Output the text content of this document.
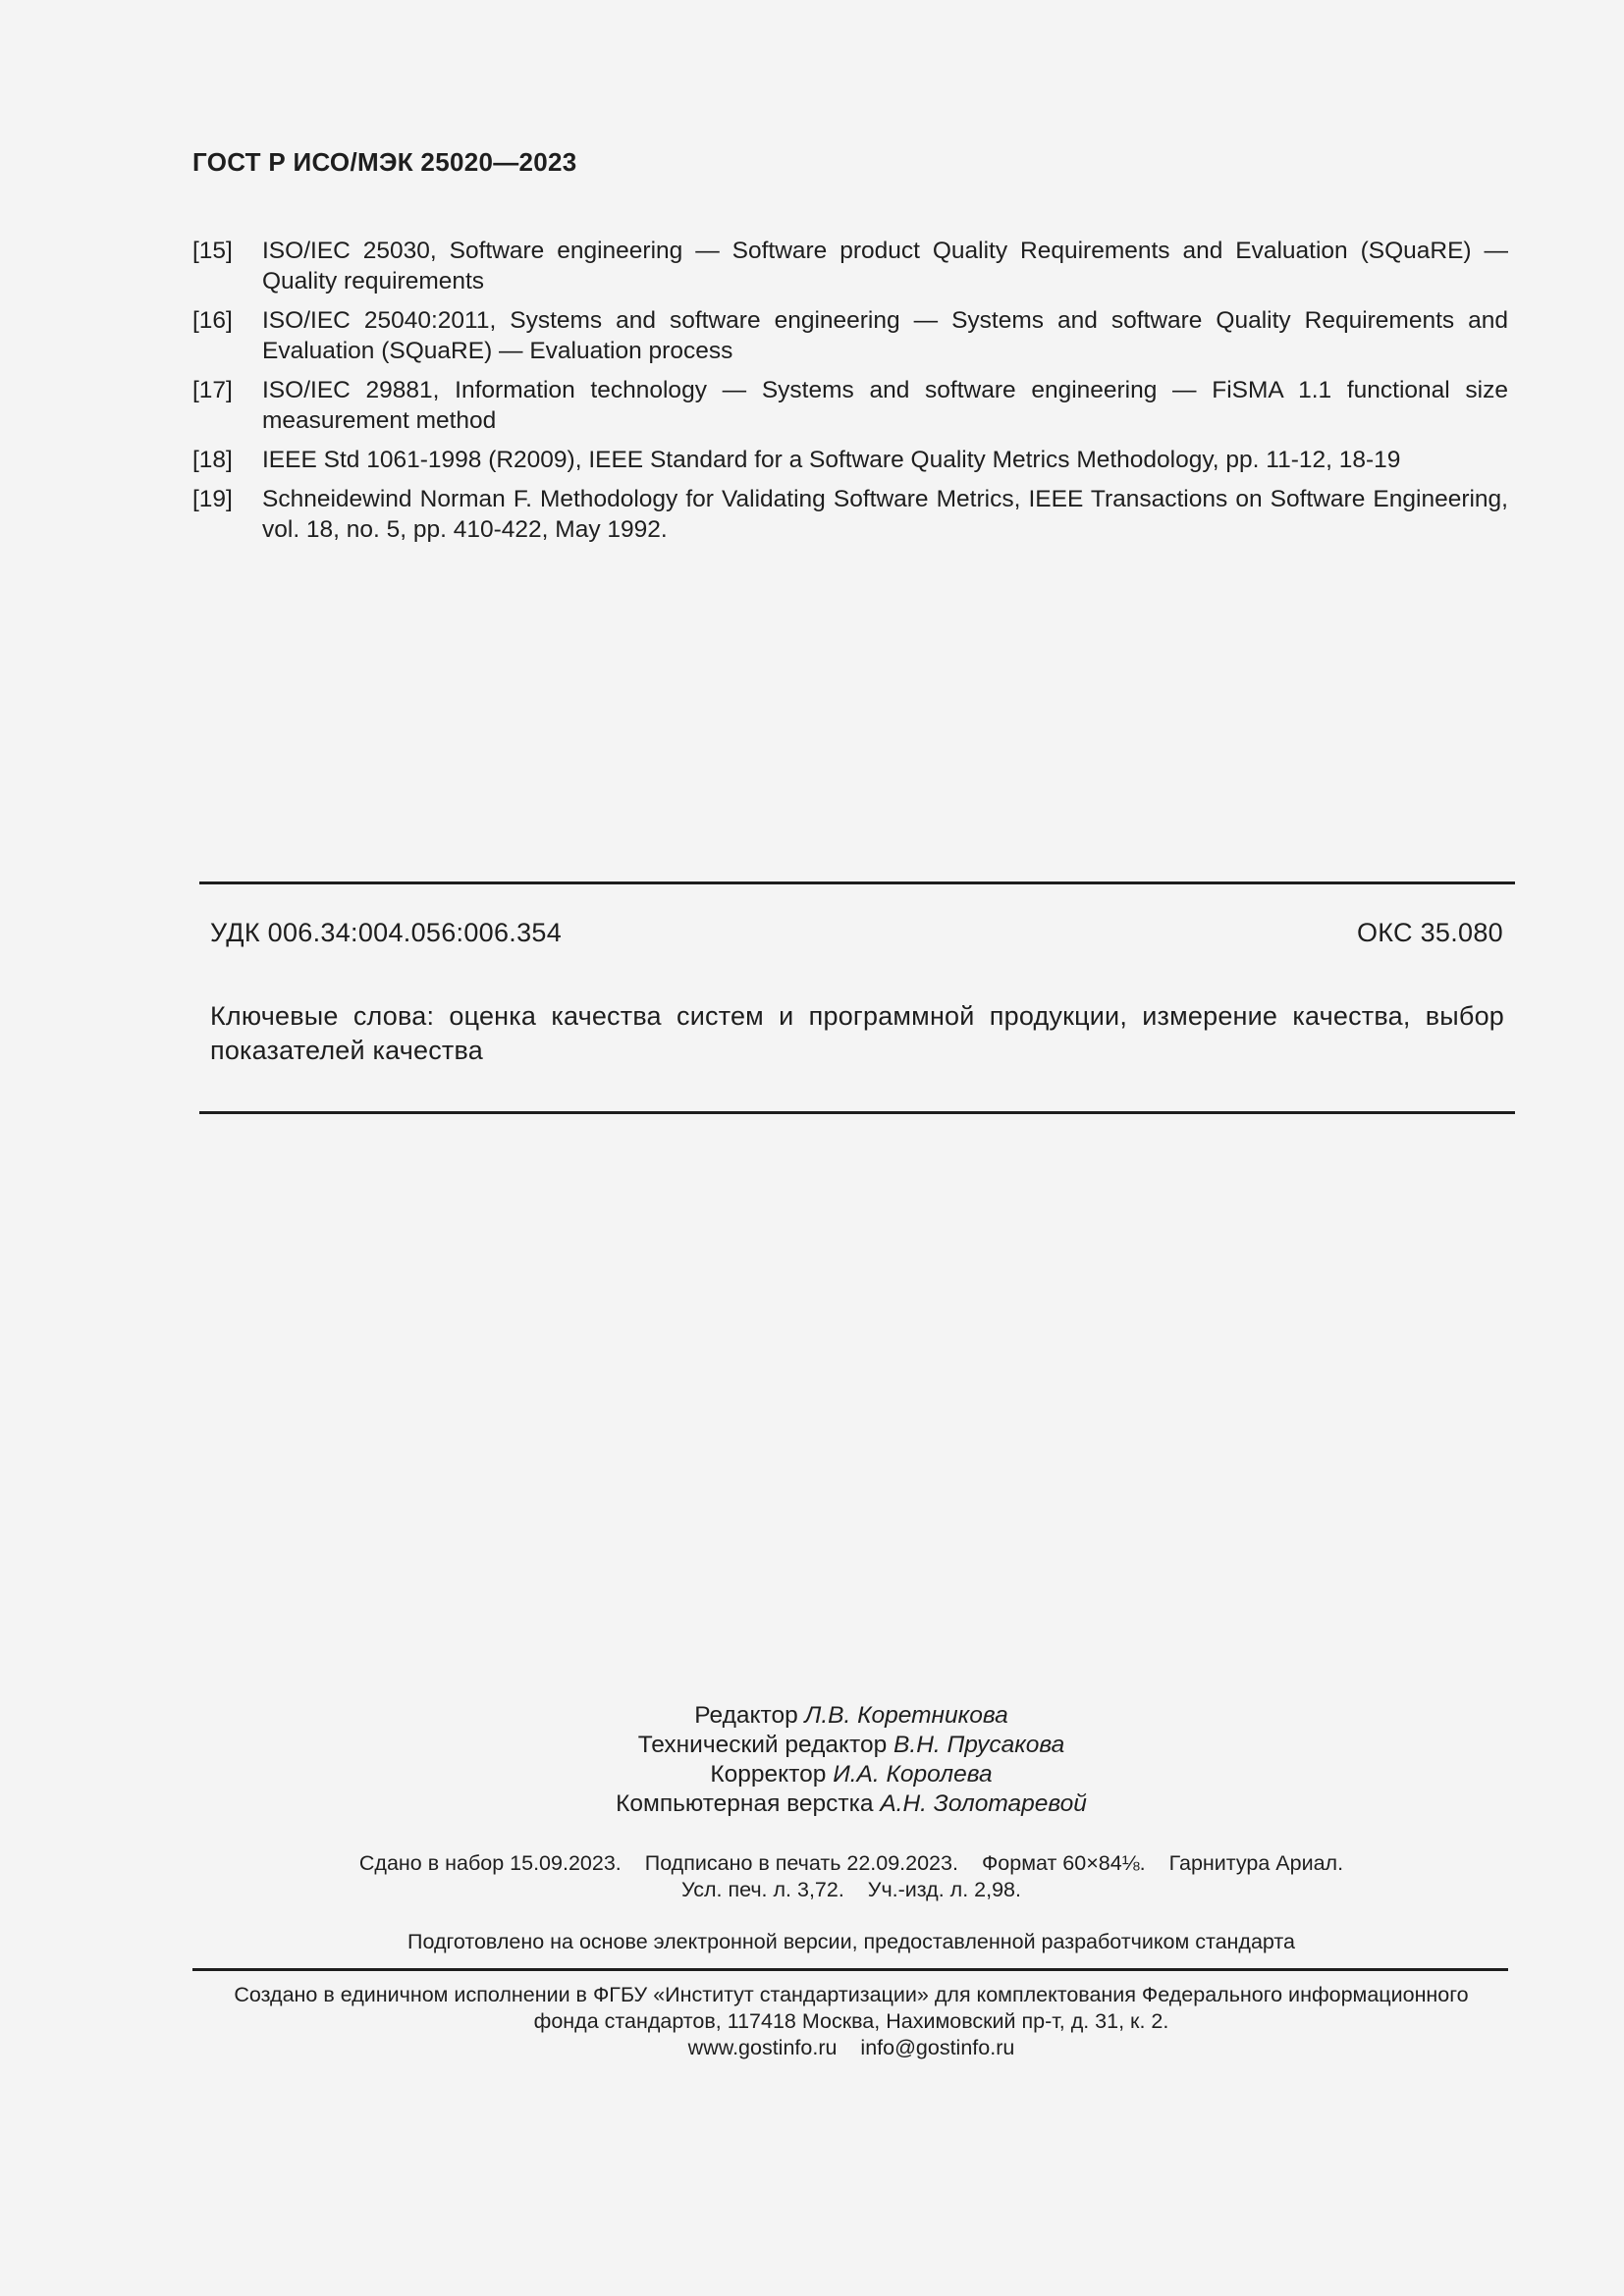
ГОСТ Р ИСО/МЭК 25020—2023
[15]	ISO/IEC 25030, Software engineering — Software product Quality Requirements and Evaluation (SQuaRE) — Quality requirements
[16]	ISO/IEC 25040:2011, Systems and software engineering — Systems and software Quality Requirements and Evaluation (SQuaRE) — Evaluation process
[17]	ISO/IEC 29881, Information technology — Systems and software engineering — FiSMA 1.1 functional size measurement method
[18]	IEEE Std 1061-1998 (R2009), IEEE Standard for a Software Quality Metrics Methodology, pp. 11-12, 18-19
[19]	Schneidewind Norman F. Methodology for Validating Software Metrics, IEEE Transactions on Software Engineering, vol. 18, no. 5, pp. 410-422, May 1992.
УДК 006.34:004.056:006.354	ОКС 35.080
Ключевые слова: оценка качества систем и программной продукции, измерение качества, выбор показателей качества
Редактор Л.В. Коретникова
Технический редактор В.Н. Прусакова
Корректор И.А. Королева
Компьютерная верстка А.Н. Золотаревой
Сдано в набор 15.09.2023. Подписано в печать 22.09.2023. Формат 60×84⅛. Гарнитура Ариал.
Усл. печ. л. 3,72. Уч.-изд. л. 2,98.
Подготовлено на основе электронной версии, предоставленной разработчиком стандарта
Создано в единичном исполнении в ФГБУ «Институт стандартизации» для комплектования Федерального информационного
фонда стандартов, 117418 Москва, Нахимовский пр-т, д. 31, к. 2.
www.gostinfo.ru info@gostinfo.ru
